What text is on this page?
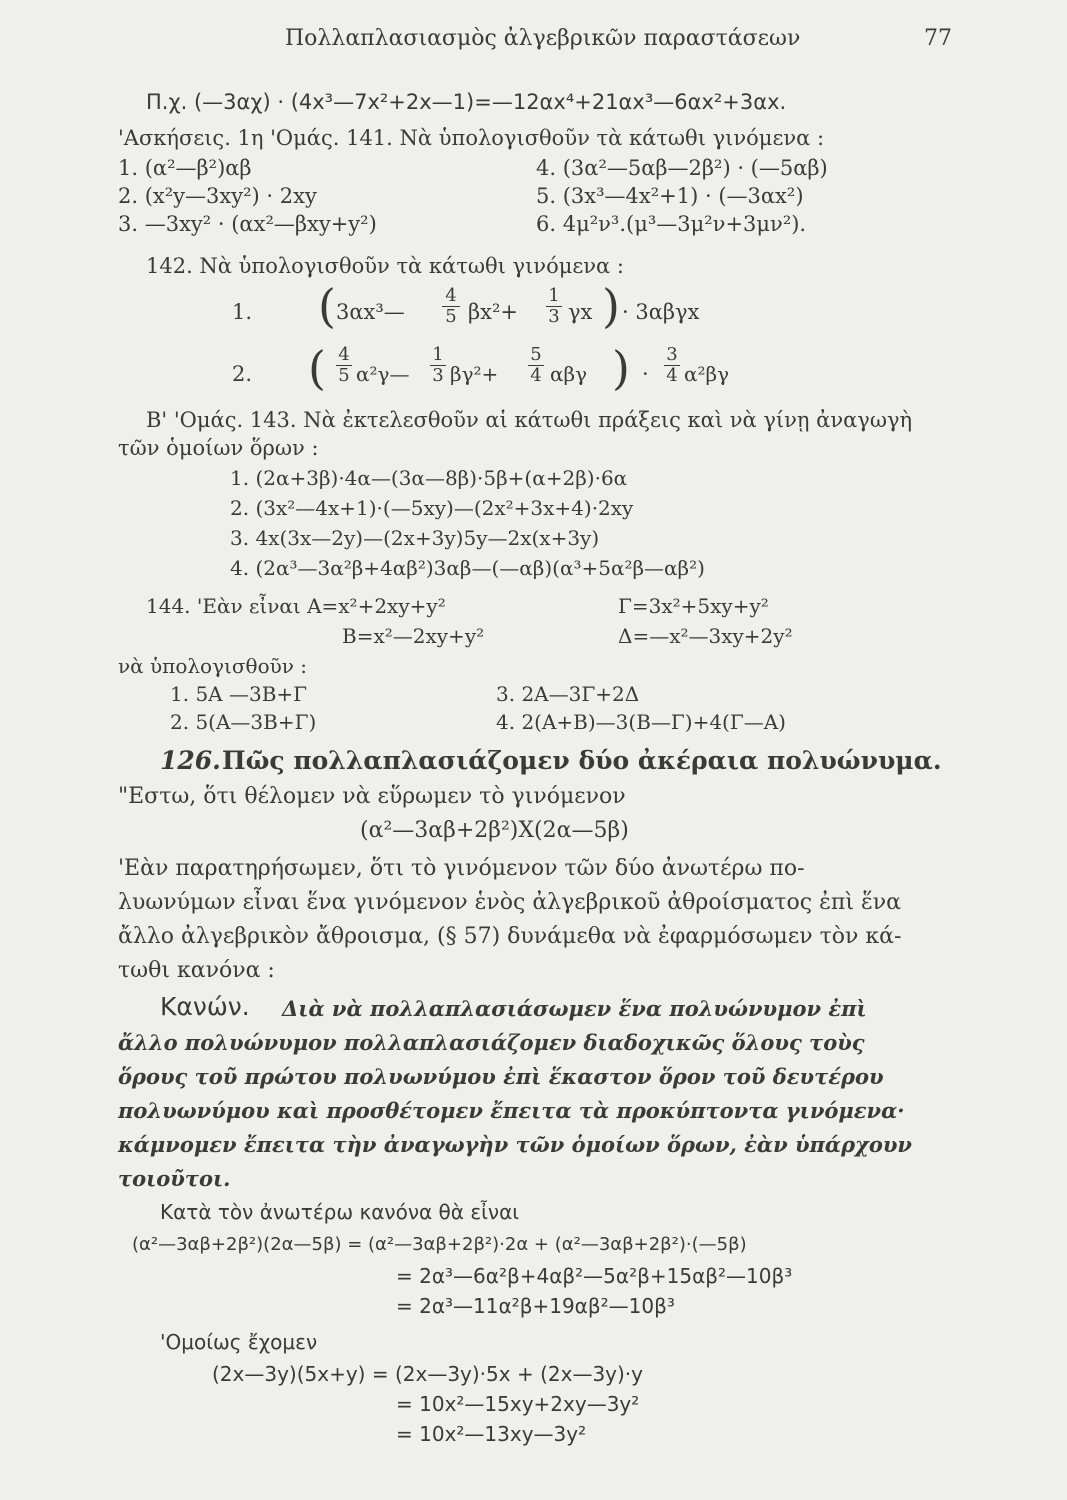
Πολλαπλασιασμὸς ἀλγεβρικῶν παραστάσεων	77
Π.χ. (—3αχ) · (4x³—7x²+2x—1)=—12αx⁴+21αx³—6αx²+3αx.
'Ασκήσεις. 1η 'Ομάς. 141. Νὰ ὑπολογισθοῦν τὰ κάτωθι γινόμενα :
1. (α²—β²)αβ
2. (x²y—3xy²) · 2xy
3. —3xy² · (αx²—βxy+y²)
4. (3α²—5αβ—2β²) · (—5αβ)
5. (3x³—4x²+1) · (—3αx²)
6. 4μ²ν³.(μ³—3μ²ν+3μν²).
142. Νὰ ὑπολογισθοῦν τὰ κάτωθι γινόμενα :
1. ( 3αx³—
4
5 βx²+
1
3 γx ) · 3αβγx
2. ( 4
5 α²γ—
1
3 βγ²+
5
4 αβγ ) ·
3
4 α²βγ
Β' 'Ομάς. 143. Νὰ ἐκτελεσθοῦν αἱ κάτωθι πράξεις καὶ νὰ γίνῃ ἀναγωγὴ
τῶν ὁμοίων ὅρων :
1. (2α+3β)·4α—(3α—8β)·5β+(α+2β)·6α
2. (3x²—4x+1)·(—5xy)—(2x²+3x+4)·2xy
3. 4x(3x—2y)—(2x+3y)5y—2x(x+3y)
4. (2α³—3α²β+4αβ²)3αβ—(—αβ)(α³+5α²β—αβ²)
144. 'Εὰν εἶναι A=x²+2xy+y²
B=x²—2xy+y²
Γ=3x²+5xy+y²
Δ=—x²—3xy+2y²
νὰ ὑπολογισθοῦν :
1. 5A —3B+Γ
2. 5(A—3B+Γ)
3. 2A—3Γ+2Δ
4. 2(A+B)—3(B—Γ)+4(Γ—A)
126. Πῶς πολλαπλασιάζομεν δύο ἀκέραια πολυώνυμα.
"Εστω, ὅτι θέλομεν νὰ εὕρωμεν τὸ γινόμενον
(α²—3αβ+2β²)X(2α—5β)
'Εὰν παρατηρήσωμεν, ὅτι τὸ γινόμενον τῶν δύο ἀνωτέρω πο-
λυωνύμων εἶναι ἕνα γινόμενον ἑνὸς ἀλγεβρικοῦ ἀθροίσματος ἐπὶ ἕνα
ἄλλο ἀλγεβρικὸν ἄθροισμα, (§ 57) δυνάμεθα νὰ ἐφαρμόσωμεν τὸν κά-
τωθι κανόνα :
Κανών. Διὰ νὰ πολλαπλασιάσωμεν ἕνα πολυώνυμον ἐπὶ
ἄλλο πολυώνυμον πολλαπλασιάζομεν διαδοχικῶς ὅλους τοὺς
ὅρους τοῦ πρώτου πολυωνύμου ἐπὶ ἕκαστον ὅρον τοῦ δευτέρου
πολυωνύμου καὶ προσθέτομεν ἔπειτα τὰ προκύπτοντα γινόμενα·
κάμνομεν ἔπειτα τὴν ἀναγωγὴν τῶν ὁμοίων ὅρων, ἐὰν ὑπάρχουν
τοιοῦτοι.
Κατὰ τὸν ἀνωτέρω κανόνα θὰ εἶναι
(α²—3αβ+2β²)(2α—5β) = (α²—3αβ+2β²)·2α + (α²—3αβ+2β²)·(—5β)
= 2α³—6α²β+4αβ²—5α²β+15αβ²—10β³
= 2α³—11α²β+19αβ²—10β³
'Ομοίως ἔχομεν
(2x—3y)(5x+y) = (2x—3y)·5x + (2x—3y)·y
= 10x²—15xy+2xy—3y²
= 10x²—13xy—3y²
